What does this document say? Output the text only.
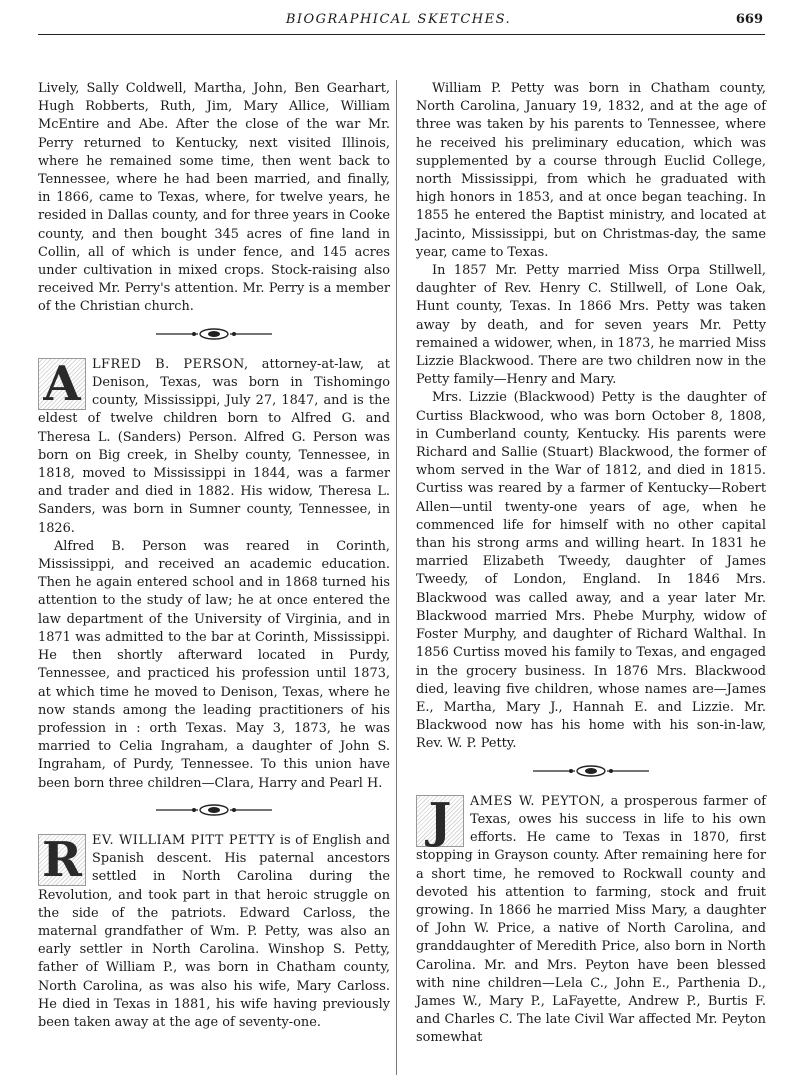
BIOGRAPHICAL SKETCHES.	669

Lively, Sally Coldwell, Martha, John, Ben Gearhart, Hugh Robberts, Ruth, Jim, Mary Allice, William McEntire and Abe. After the close of the war Mr. Perry returned to Kentucky, next visited Illinois, where he remained some time, then went back to Tennessee, where he had been married, and finally, in 1866, came to Texas, where, for twelve years, he resided in Dallas county, and for three years in Cooke county, and then bought 345 acres of fine land in Collin, all of which is under fence, and 145 acres under cultivation in mixed crops. Stock-raising also received Mr. Perry's attention. Mr. Perry is a member of the Christian church.

A LFRED B. PERSON, attorney-at-law, at Denison, Texas, was born in Tishomingo county, Mississippi, July 27, 1847, and is the eldest of twelve children born to Alfred G. and Theresa L. (Sanders) Person. Alfred G. Person was born on Big creek, in Shelby county, Tennessee, in 1818, moved to Mississippi in 1844, was a farmer and trader and died in 1882. His widow, Theresa L. Sanders, was born in Sumner county, Tennessee, in 1826.

Alfred B. Person was reared in Corinth, Mississippi, and received an academic education. Then he again entered school and in 1868 turned his attention to the study of law; he at once entered the law department of the University of Virginia, and in 1871 was admitted to the bar at Corinth, Mississippi. He then shortly afterward located in Purdy, Tennessee, and practiced his profession until 1873, at which time he moved to Denison, Texas, where he now stands among the leading practitioners of his profession in : orth Texas. May 3, 1873, he was married to Celia Ingraham, a daughter of John S. Ingraham, of Purdy, Tennessee. To this union have been born three children—Clara, Harry and Pearl H.

R EV. WILLIAM PITT PETTY is of English and Spanish descent. His paternal ancestors settled in North Carolina during the Revolution, and took part in that heroic struggle on the side of the patriots. Edward Carloss, the maternal grandfather of Wm. P. Petty, was also an early settler in North Carolina. Winshop S. Petty, father of William P., was born in Chatham county, North Carolina, as was also his wife, Mary Carloss. He died in Texas in 1881, his wife having previously been taken away at the age of seventy-one.

William P. Petty was born in Chatham county, North Carolina, January 19, 1832, and at the age of three was taken by his parents to Tennessee, where he received his preliminary education, which was supplemented by a course through Euclid College, north Mississippi, from which he graduated with high honors in 1853, and at once began teaching. In 1855 he entered the Baptist ministry, and located at Jacinto, Mississippi, but on Christmas-day, the same year, came to Texas.

In 1857 Mr. Petty married Miss Orpa Stillwell, daughter of Rev. Henry C. Stillwell, of Lone Oak, Hunt county, Texas. In 1866 Mrs. Petty was taken away by death, and for seven years Mr. Petty remained a widower, when, in 1873, he married Miss Lizzie Blackwood. There are two children now in the Petty family—Henry and Mary.

Mrs. Lizzie (Blackwood) Petty is the daughter of Curtiss Blackwood, who was born October 8, 1808, in Cumberland county, Kentucky. His parents were Richard and Sallie (Stuart) Blackwood, the former of whom served in the War of 1812, and died in 1815. Curtiss was reared by a farmer of Kentucky—Robert Allen—until twenty-one years of age, when he commenced life for himself with no other capital than his strong arms and willing heart. In 1831 he married Elizabeth Tweedy, daughter of James Tweedy, of London, England. In 1846 Mrs. Blackwood was called away, and a year later Mr. Blackwood married Mrs. Phebe Murphy, widow of Foster Murphy, and daughter of Richard Walthal. In 1856 Curtiss moved his family to Texas, and engaged in the grocery business. In 1876 Mrs. Blackwood died, leaving five children, whose names are—James E., Martha, Mary J., Hannah E. and Lizzie. Mr. Blackwood now has his home with his son-in-law, Rev. W. P. Petty.

J	AMES W. PEYTON, a prosperous farmer of Texas, owes his success in life to his own efforts. He came to Texas in 1870, first stopping in Grayson county. After remaining here for a short time, he removed to Rockwall county and devoted his attention to farming, stock and fruit growing. In 1866 he married Miss Mary, a daughter of John W. Price, a native of North Carolina, and granddaughter of Meredith Price, also born in North Carolina. Mr. and Mrs. Peyton have been blessed with nine children—Lela C., John E., Parthenia D., James W., Mary P., LaFayette, Andrew P., Burtis F. and Charles C. The late Civil War affected Mr. Peyton somewhat
